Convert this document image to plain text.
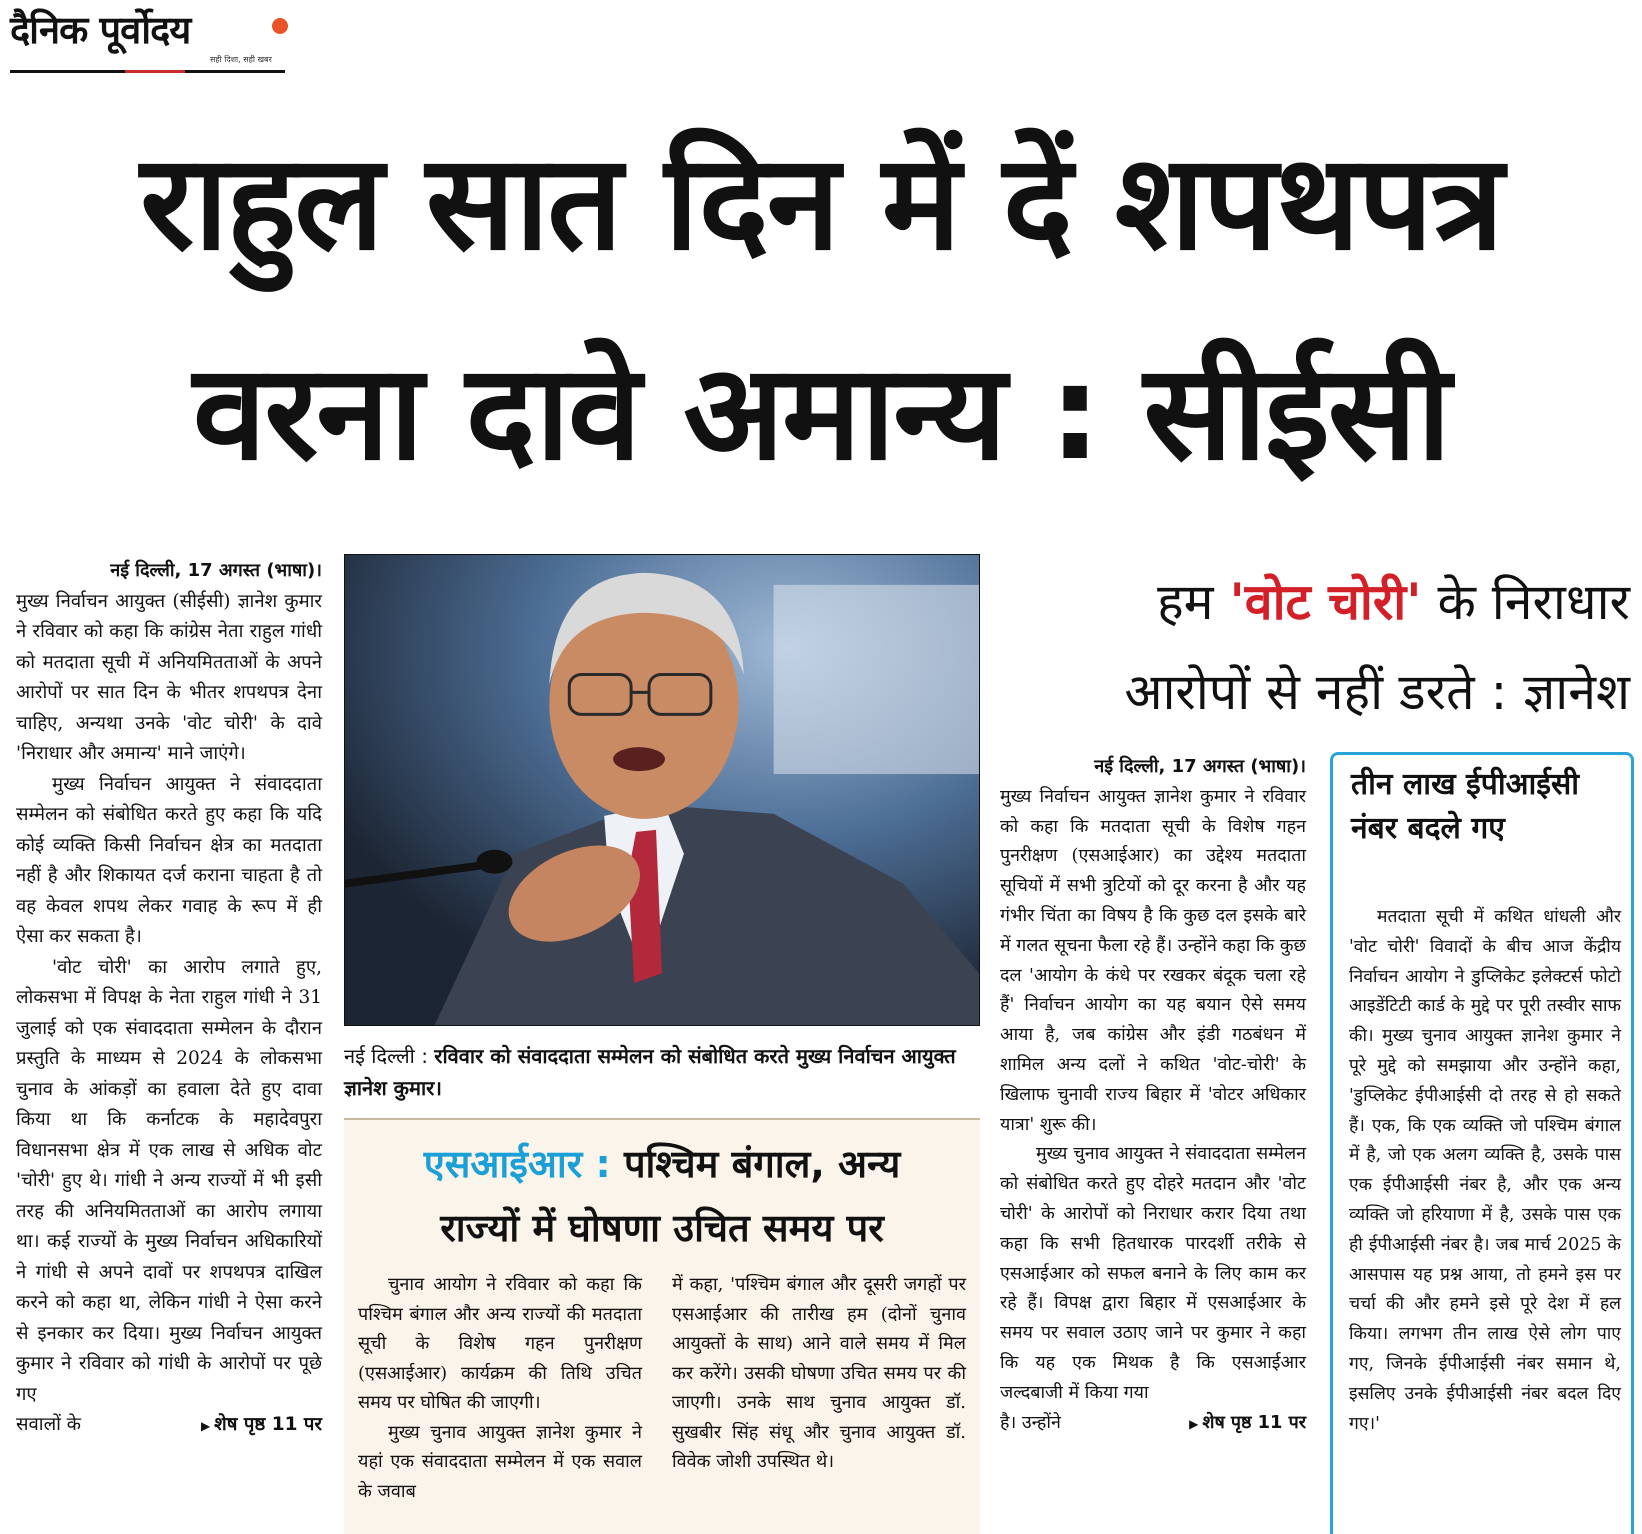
दैनिक पूर्वोदय
सही दिशा, सही खबर
राहुल सात दिन में दें शपथपत्र
वरना दावे अमान्य : सीईसी
नई दिल्ली, 17 अगस्त (भाषा)।

मुख्य निर्वाचन आयुक्त (सीईसी) ज्ञानेश कुमार ने रविवार को कहा कि कांग्रेस नेता राहुल गांधी को मतदाता सूची में अनियमितताओं के अपने आरोपों पर सात दिन के भीतर शपथपत्र देना चाहिए, अन्यथा उनके 'वोट चोरी' के दावे 'निराधार और अमान्य' माने जाएंगे।

मुख्य निर्वाचन आयुक्त ने संवाददाता सम्मेलन को संबोधित करते हुए कहा कि यदि कोई व्यक्ति किसी निर्वाचन क्षेत्र का मतदाता नहीं है और शिकायत दर्ज कराना चाहता है तो वह केवल शपथ लेकर गवाह के रूप में ही ऐसा कर सकता है।

'वोट चोरी' का आरोप लगाते हुए, लोकसभा में विपक्ष के नेता राहुल गांधी ने 31 जुलाई को एक संवाददाता सम्मेलन के दौरान प्रस्तुति के माध्यम से 2024 के लोकसभा चुनाव के आंकड़ों का हवाला देते हुए दावा किया था कि कर्नाटक के महादेवपुरा विधानसभा क्षेत्र में एक लाख से अधिक वोट 'चोरी' हुए थे। गांधी ने अन्य राज्यों में भी इसी तरह की अनियमितताओं का आरोप लगाया था। कई राज्यों के मुख्य निर्वाचन अधिकारियों ने गांधी से अपने दावों पर शपथपत्र दाखिल करने को कहा था, लेकिन गांधी ने ऐसा करने से इनकार कर दिया। मुख्य निर्वाचन आयुक्त कुमार ने रविवार को गांधी के आरोपों पर पूछे गए

सवालों के	▶ शेष पृष्ठ 11 पर
नई दिल्ली : रविवार को संवाददाता सम्मेलन को संबोधित करते मुख्य निर्वाचन आयुक्त ज्ञानेश कुमार।
एसआईआर : पश्चिम बंगाल, अन्य
राज्यों में घोषणा उचित समय पर

चुनाव आयोग ने रविवार को कहा कि पश्चिम बंगाल और अन्य राज्यों की मतदाता सूची के विशेष गहन पुनरीक्षण (एसआईआर) कार्यक्रम की तिथि उचित समय पर घोषित की जाएगी।

मुख्य चुनाव आयुक्त ज्ञानेश कुमार ने यहां एक संवाददाता सम्मेलन में एक सवाल के जवाब

में कहा, 'पश्चिम बंगाल और दूसरी जगहों पर एसआईआर की तारीख हम (दोनों चुनाव आयुक्तों के साथ) आने वाले समय में मिल कर करेंगे। उसकी घोषणा उचित समय पर की जाएगी। उनके साथ चुनाव आयुक्त डॉ. सुखबीर सिंह संधू और चुनाव आयुक्त डॉ. विवेक जोशी उपस्थित थे।

हम 'वोट चोरी' के निराधार
आरोपों से नहीं डरते : ज्ञानेश
नई दिल्ली, 17 अगस्त (भाषा)।

मुख्य निर्वाचन आयुक्त ज्ञानेश कुमार ने रविवार को कहा कि मतदाता सूची के विशेष गहन पुनरीक्षण (एसआईआर) का उद्देश्य मतदाता सूचियों में सभी त्रुटियों को दूर करना है और यह गंभीर चिंता का विषय है कि कुछ दल इसके बारे में गलत सूचना फैला रहे हैं। उन्होंने कहा कि कुछ दल 'आयोग के कंधे पर रखकर बंदूक चला रहे हैं' निर्वाचन आयोग का यह बयान ऐसे समय आया है, जब कांग्रेस और इंडी गठबंधन में शामिल अन्य दलों ने कथित 'वोट-चोरी' के खिलाफ चुनावी राज्य बिहार में 'वोटर अधिकार यात्रा' शुरू की।

मुख्य चुनाव आयुक्त ने संवाददाता सम्मेलन को संबोधित करते हुए दोहरे मतदान और 'वोट चोरी' के आरोपों को निराधार करार दिया तथा कहा कि सभी हितधारक पारदर्शी तरीके से एसआईआर को सफल बनाने के लिए काम कर रहे हैं। विपक्ष द्वारा बिहार में एसआईआर के समय पर सवाल उठाए जाने पर कुमार ने कहा कि यह एक मिथक है कि एसआईआर जल्दबाजी में किया गया

है। उन्होंने	▶ शेष पृष्ठ 11 पर
तीन लाख ईपीआईसी नंबर बदले गए

मतदाता सूची में कथित धांधली और 'वोट चोरी' विवादों के बीच आज केंद्रीय निर्वाचन आयोग ने डुप्लिकेट इलेक्टर्स फोटो आइडेंटिटी कार्ड के मुद्दे पर पूरी तस्वीर साफ की। मुख्य चुनाव आयुक्त ज्ञानेश कुमार ने पूरे मुद्दे को समझाया और उन्होंने कहा, 'डुप्लिकेट ईपीआईसी दो तरह से हो सकते हैं। एक, कि एक व्यक्ति जो पश्चिम बंगाल में है, जो एक अलग व्यक्ति है, उसके पास एक ईपीआईसी नंबर है, और एक अन्य व्यक्ति जो हरियाणा में है, उसके पास एक ही ईपीआईसी नंबर है। जब मार्च 2025 के आसपास यह प्रश्न आया, तो हमने इस पर चर्चा की और हमने इसे पूरे देश में हल किया। लगभग तीन लाख ऐसे लोग पाए गए, जिनके ईपीआईसी नंबर समान थे, इसलिए उनके ईपीआईसी नंबर बदल दिए गए।'
